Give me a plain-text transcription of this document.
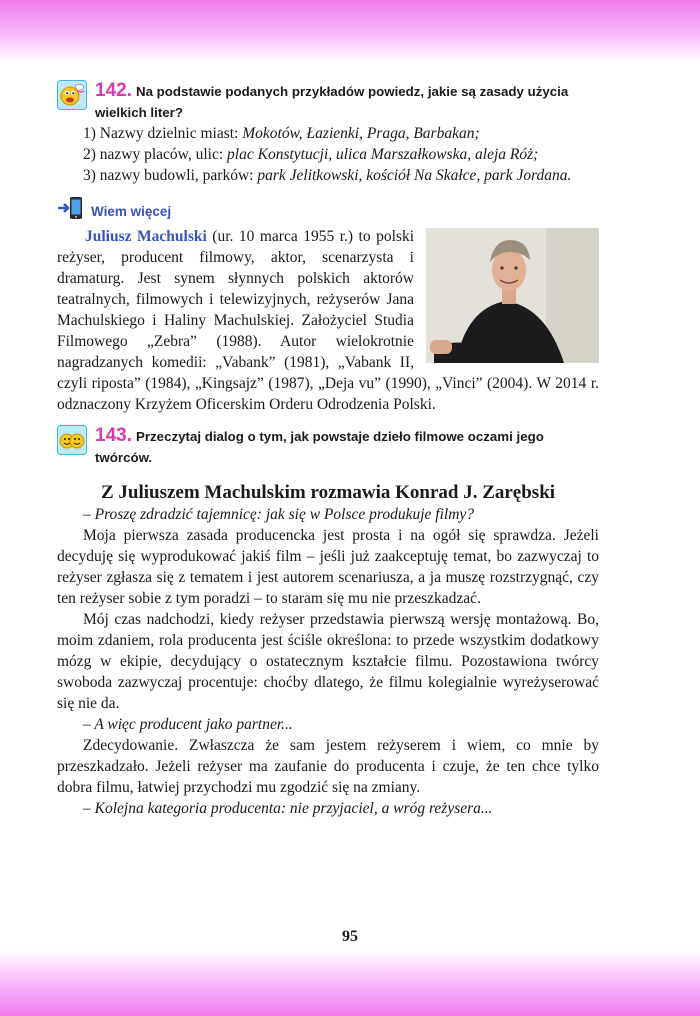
142. Na podstawie podanych przykładów powiedz, jakie są zasady użycia wielkich liter?

1) Nazwy dzielnic miast: Mokotów, Łazienki, Praga, Barbakan;

2) nazwy placów, ulic: plac Konstytucji, ulica Marszałkowska, aleja Róż;

3) nazwy budowli, parków: park Jelitkowski, kościół Na Skałce, park Jordana.

Wiem więcej

Juliusz Machulski (ur. 10 marca 1955 r.) to polski reżyser, producent filmowy, aktor, scenarzysta i dramaturg. Jest synem słynnych polskich aktorów teatralnych, filmowych i telewizyjnych, reżyserów Jana Machulskiego i Haliny Machulskiej. Założyciel Studia Filmowego „Zebra” (1988). Autor wielokrotnie nagradzanych komedii: „Vabank” (1981), „Vabank II, czyli riposta” (1984), „Kingsajz” (1987), „Deja vu” (1990), „Vinci” (2004). W 2014 r. odznaczony Krzyżem Oficerskim Orderu Odrodzenia Polski.

143. Przeczytaj dialog o tym, jak powstaje dzieło filmowe oczami jego twórców.
Z Juliuszem Machulskim rozmawia Konrad J. Zarębski

– Proszę zdradzić tajemnicę: jak się w Polsce produkuje filmy?

Moja pierwsza zasada producencka jest prosta i na ogół się sprawdza. Jeżeli decyduję się wyprodukować jakiś film – jeśli już zaakceptuję temat, bo zazwyczaj to reżyser zgłasza się z tematem i jest autorem scenariusza, a ja muszę rozstrzygnąć, czy ten reżyser sobie z tym poradzi – to staram się mu nie przeszkadzać.

Mój czas nadchodzi, kiedy reżyser przedstawia pierwszą wersję montażową. Bo, moim zdaniem, rola producenta jest ściśle określona: to przede wszystkim dodatkowy mózg w ekipie, decydujący o ostatecznym kształcie filmu. Pozostawiona twórcy swoboda zazwyczaj procentuje: choćby dlatego, że filmu kolegialnie wyreżyserować się nie da.

– A więc producent jako partner...

Zdecydowanie. Zwłaszcza że sam jestem reżyserem i wiem, co mnie by przeszkadzało. Jeżeli reżyser ma zaufanie do producenta i czuje, że ten chce tylko dobra filmu, łatwiej przychodzi mu zgodzić się na zmiany.

– Kolejna kategoria producenta: nie przyjaciel, a wróg reżysera...

95
